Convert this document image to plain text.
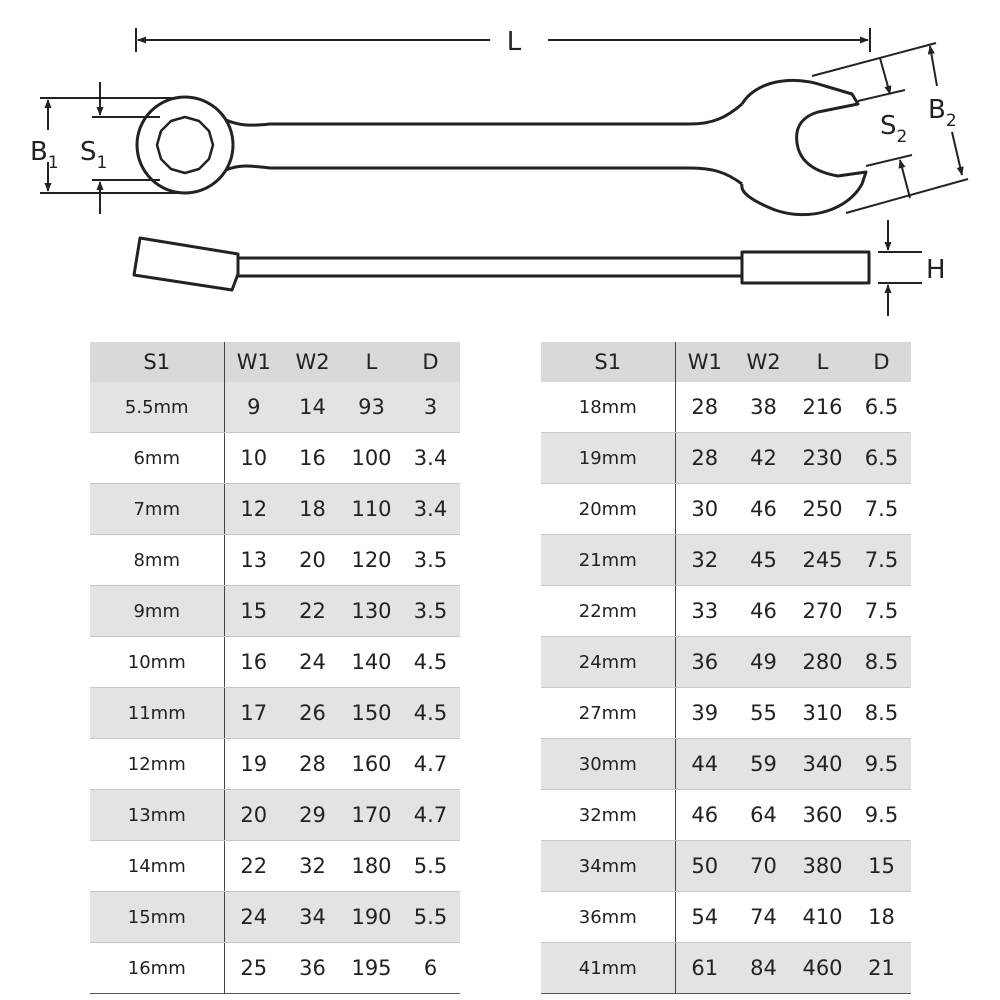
L
$B_1$ $S_1$
$B_2$
$S_2$
H
S1	W1	W2	L	D
5.5mm	9	14	93	3
6mm	10	16	100	3.4
7mm	12	18	110	3.4
8mm	13	20	120	3.5
9mm	15	22	130	3.5
10mm	16	24	140	4.5
11mm	17	26	150	4.5
12mm	19	28	160	4.7
13mm	20	29	170	4.7
14mm	22	32	180	5.5
15mm	24	34	190	5.5
16mm	25	36	195	6
S1	W1	W2	L	D
18mm	28	38	216	6.5
19mm	28	42	230	6.5
20mm	30	46	250	7.5
21mm	32	45	245	7.5
22mm	33	46	270	7.5
24mm	36	49	280	8.5
27mm	39	55	310	8.5
30mm	44	59	340	9.5
32mm	46	64	360	9.5
34mm	50	70	380	15
36mm	54	74	410	18
41mm	61	84	460	21
